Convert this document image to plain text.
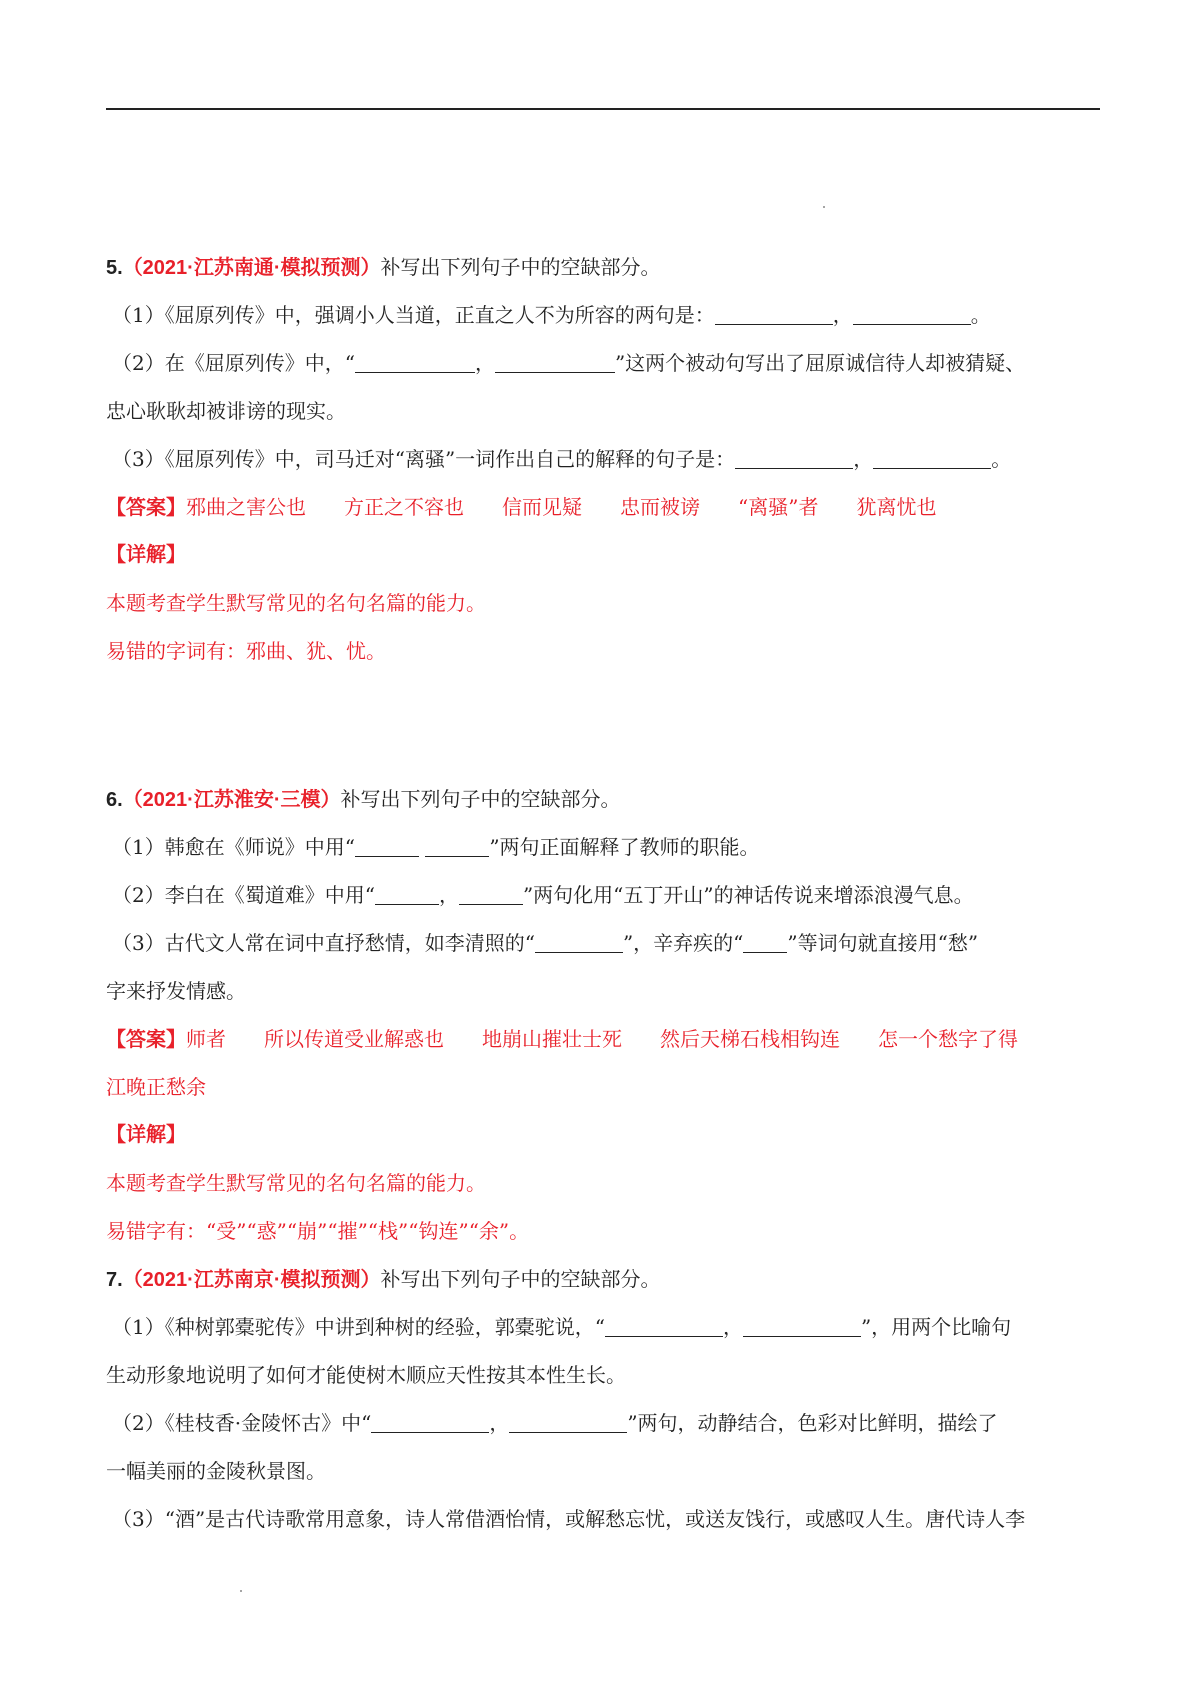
5.（2021·江苏南通·模拟预测）补写出下列句子中的空缺部分。
（1）《屈原列传》中，强调小人当道，正直之人不为所容的两句是：	，	。
（2）在《屈原列传》中，“	，	”这两个被动句写出了屈原诚信待人却被猜疑、
忠心耿耿却被诽谤的现实。
（3）《屈原列传》中，司马迁对“离骚”一词作出自己的解释的句子是：	，	。
【答案】邪曲之害公也 方正之不容也 信而见疑 忠而被谤 “离骚”者 犹离忧也
【详解】
本题考查学生默写常见的名句名篇的能力。
易错的字词有：邪曲、犹、忧。
6.（2021·江苏淮安·三模）补写出下列句子中的空缺部分。
（1）韩愈在《师说》中用“	”两句正面解释了教师的职能。
（2）李白在《蜀道难》中用“	，	”两句化用“五丁开山”的神话传说来增添浪漫气息。
（3）古代文人常在词中直抒愁情，如李清照的“	”，辛弃疾的“ ”等词句就直接用“愁”
字来抒发情感。
【答案】师者 所以传道受业解惑也 地崩山摧壮士死 然后天梯石栈相钩连 怎一个愁字了得
江晚正愁余
【详解】
本题考查学生默写常见的名句名篇的能力。
易错字有：“受”“惑”“崩”“摧”“栈”“钩连”“余”。
7.（2021·江苏南京·模拟预测）补写出下列句子中的空缺部分。
（1）《种树郭橐驼传》中讲到种树的经验，郭橐驼说，“	，	”，用两个比喻句
生动形象地说明了如何才能使树木顺应天性按其本性生长。
（2）《桂枝香·金陵怀古》中“	，	”两句，动静结合，色彩对比鲜明，描绘了
一幅美丽的金陵秋景图。
（3）“酒”是古代诗歌常用意象，诗人常借酒怡情，或解愁忘忧，或送友饯行，或感叹人生。唐代诗人李
